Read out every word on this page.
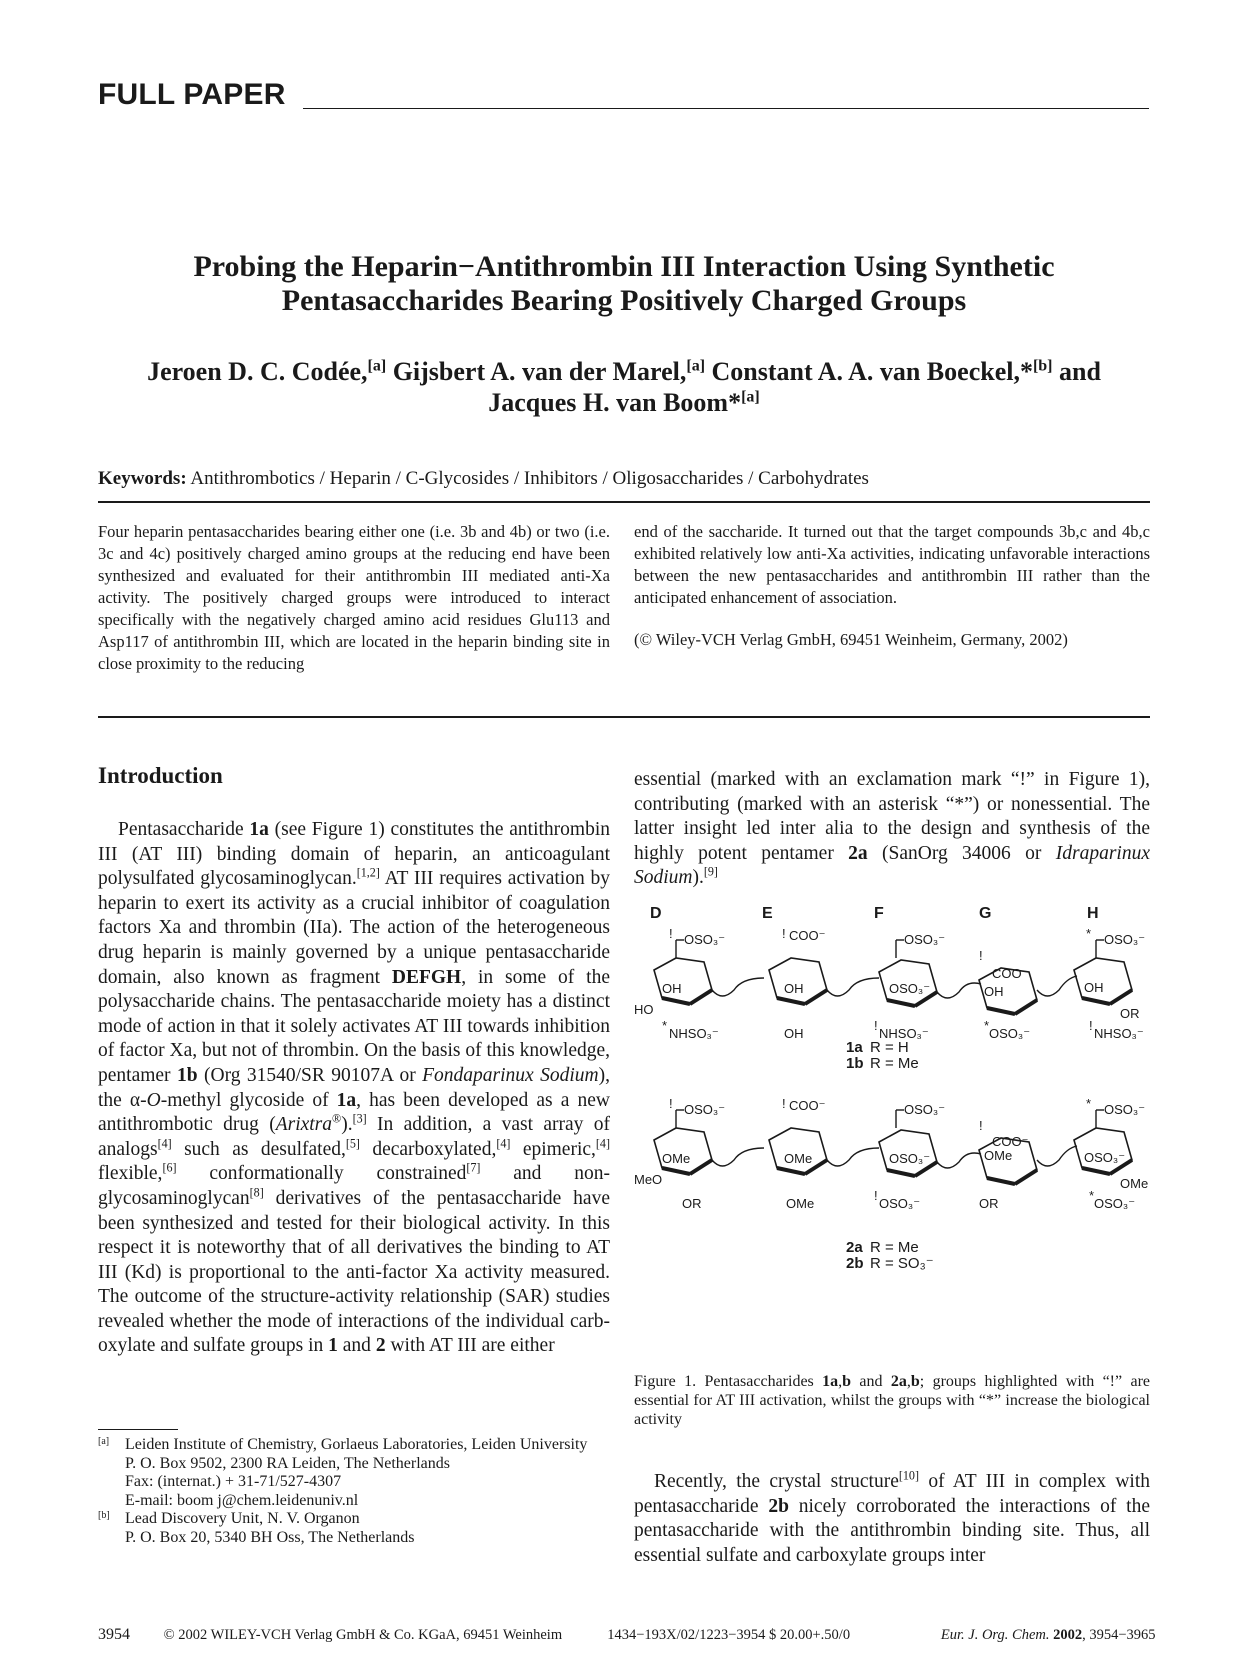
FULL PAPER
Probing the Heparin−Antithrombin III Interaction Using Synthetic
Pentasaccharides Bearing Positively Charged Groups
Jeroen D. C. Codée,[a] Gijsbert A. van der Marel,[a] Constant A. A. van Boeckel,*[b] and
Jacques H. van Boom*[a]
Keywords: Antithrombotics / Heparin / C-Glycosides / Inhibitors / Oligosaccharides / Carbohydrates

Four heparin pentasaccharides bearing either one (i.e. 3b and 4b) or two (i.e. 3c and 4c) positively charged amino groups at the reducing end have been synthesized and evaluated for their antithrombin III mediated anti-Xa activity. The positively charged groups were introduced to interact specifically with the negatively charged amino acid residues Glu113 and Asp117 of antithrombin III, which are located in the heparin binding site in close proximity to the reducing

end of the saccharide. It turned out that the target compounds 3b,c and 4b,c exhibited relatively low anti-Xa activities, indicating unfavorable interactions between the new pentasaccharides and antithrombin III rather than the anticipated enhancement of association.

(© Wiley-VCH Verlag GmbH, 69451 Weinheim, Germany, 2002)

Introduction

Pentasaccharide 1a (see Figure 1) constitutes the antithrombin III (AT III) binding domain of heparin, an anticoagulant polysulfated glycosaminoglycan.[1,2] AT III requires activation by heparin to exert its activity as a crucial inhibitor of coagulation factors Xa and thrombin (IIa). The action of the heterogeneous drug heparin is mainly governed by a unique pentasaccharide domain, also known as fragment DEFGH, in some of the polysaccharide chains. The pentasaccharide moiety has a distinct mode of action in that it solely activates AT III towards inhibition of factor Xa, but not of thrombin. On the basis of this knowledge, pentamer 1b (Org 31540/SR 90107A or Fondaparinux Sodium), the α-O-methyl glycoside of 1a, has been developed as a new antithrombotic drug (Arixtra®).[3] In addition, a vast array of analogs[4] such as desulfated,[5] decarboxylated,[4] epimeric,[4] flexible,[6] conformationally constrained[7] and non-glycosaminoglycan[8] derivatives of the pentasaccharide have been synthesized and tested for their biological activity. In this respect it is noteworthy that of all derivatives the binding to AT III (Kd) is proportional to the anti-factor Xa activity measured. The outcome of the structure-activity relationship (SAR) studies revealed whether the mode of interactions of the individual carboxylate and sulfate groups in 1 and 2 with AT III are either

essential (marked with an exclamation mark “!” in Figure 1), contributing (marked with an asterisk “*”) or nonessential. The latter insight led inter alia to the design and synthesis of the highly potent pentamer 2a (SanOrg 34006 or Idraparinux Sodium).[9]

D	E	F	G	H
OSO₃⁻
!	COO⁻
!	OSO₃⁻
!
COO⁻
OSO₃⁻
*
OH
HO
OH	OSO₃⁻	OH	OH
OR
NHSO₃⁻
*
OH	NHSO₃⁻
!
OSO₃⁻
*
NHSO₃⁻
!
1a R = H
1b R = Me
OSO₃⁻
!	COO⁻
!	OSO₃⁻
!
COO⁻
OSO₃⁻
*
OMe
MeO
OMe	OSO₃⁻	OMe	OSO₃⁻
OMe
OR	OMe	OSO₃⁻
!
OR	OSO₃⁻
*
2a R = Me
2b R = SO₃⁻
Figure 1. Pentasaccharides 1a,b and 2a,b; groups highlighted with “!” are essential for AT III activation, whilst the groups with “*” increase the biological activity

Recently, the crystal structure[10] of AT III in complex with pentasaccharide 2b nicely corroborated the interactions of the pentasaccharide with the antithrombin binding site. Thus, all essential sulfate and carboxylate groups inter

[a] Leiden Institute of Chemistry, Gorlaeus Laboratories, Leiden University
P. O. Box 9502, 2300 RA Leiden, The Netherlands
Fax: (internat.) + 31-71/527-4307
E-mail: boom j@chem.leidenuniv.nl
[b] Lead Discovery Unit, N. V. Organon
P. O. Box 20, 5340 BH Oss, The Netherlands
3954 © 2002 WILEY-VCH Verlag GmbH & Co. KGaA, 69451 Weinheim	1434−193X/02/1223−3954 $ 20.00+.50/0	Eur. J. Org. Chem. 2002, 3954−3965
